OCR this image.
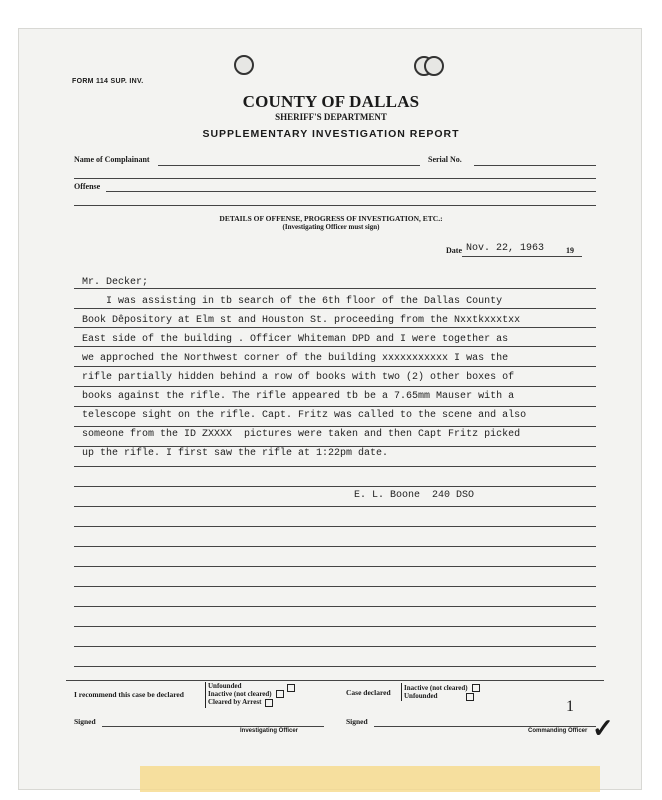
FORM 114 SUP. INV.
COUNTY OF DALLAS
SHERIFF'S DEPARTMENT
SUPPLEMENTARY INVESTIGATION REPORT
Name of Complainant	Serial No.
Offense
DETAILS OF OFFENSE, PROGRESS OF INVESTIGATION, ETC.:
(Investigating Officer must sign)
Date Nov. 22, 1963	19
Mr. Decker;
I was assisting in tb search of the 6th floor of the Dallas County
Book Dêpository at Elm st and Houston St. proceeding from the Nxxtkxxxtxx
East side of the building . Officer Whiteman DPD and I were together as
we approched the Northwest corner of the building xxxxxxxxxxx I was the
rifle partially hidden behind a row of books with two (2) other boxes of
books against the rifle. The rifle appeared tb be a 7.65mm Mauser with a
telescope sight on the rifle. Capt. Fritz was called to the scene and also
someone from the ID ZXXXX  pictures were taken and then Capt Fritz picked
up the rifle. I first saw the rifle at 1:22pm date.
E. L. Boone  240 DSO
I recommend this case be declared
Unfounded
Inactive (not cleared)
Cleared by Arrest
Case declared Inactive (not cleared)
Unfounded
1
Signed
Investigating Officer
Signed
Commanding Officer ✓
